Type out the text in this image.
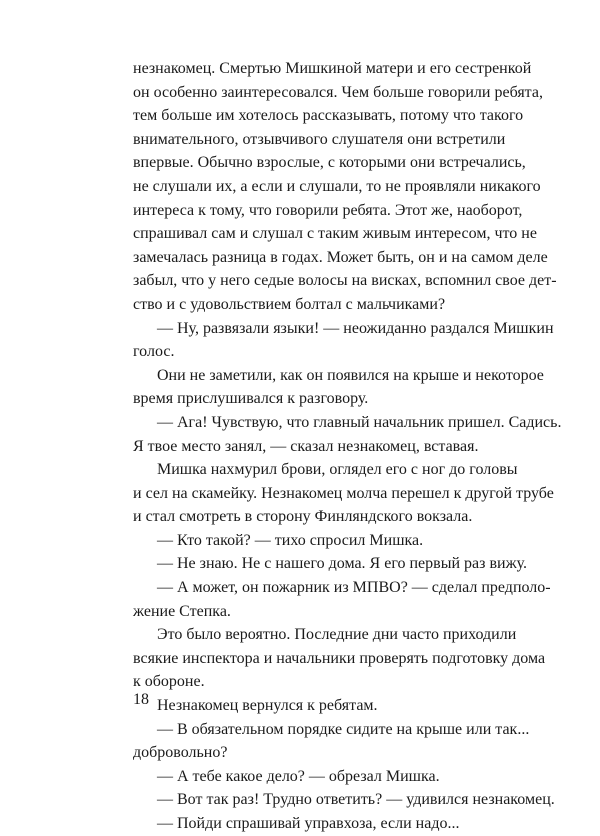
незнакомец. Смертью Мишкиной матери и его сестренкой
он особенно заинтересовался. Чем больше говорили ребята,
тем больше им хотелось рассказывать, потому что такого
внимательного, отзывчивого слушателя они встретили
впервые. Обычно взрослые, с которыми они встречались,
не слушали их, а если и слушали, то не проявляли никакого
интереса к тому, что говорили ребята. Этот же, наоборот,
спрашивал сам и слушал с таким живым интересом, что не
замечалась разница в годах. Может быть, он и на самом деле
забыл, что у него седые волосы на висках, вспомнил свое дет-
ство и с удовольствием болтал с мальчиками?
— Ну, развязали языки! — неожиданно раздался Мишкин
голос.
Они не заметили, как он появился на крыше и некоторое
время прислушивался к разговору.
— Ага! Чувствую, что главный начальник пришел. Садись.
Я твое место занял, — сказал незнакомец, вставая.
Мишка нахмурил брови, оглядел его с ног до головы
и сел на скамейку. Незнакомец молча перешел к другой трубе
и стал смотреть в сторону Финляндского вокзала.
— Кто такой? — тихо спросил Мишка.
— Не знаю. Не с нашего дома. Я его первый раз вижу.
— А может, он пожарник из МПВО? — сделал предполо-
жение Степка.
Это было вероятно. Последние дни часто приходили
всякие инспектора и начальники проверять подготовку дома
к обороне.
Незнакомец вернулся к ребятам.
— В обязательном порядке сидите на крыше или так...
добровольно?
— А тебе какое дело? — обрезал Мишка.
— Вот так раз! Трудно ответить? — удивился незнакомец.
— Пойди спрашивай управхоза, если надо...
18
